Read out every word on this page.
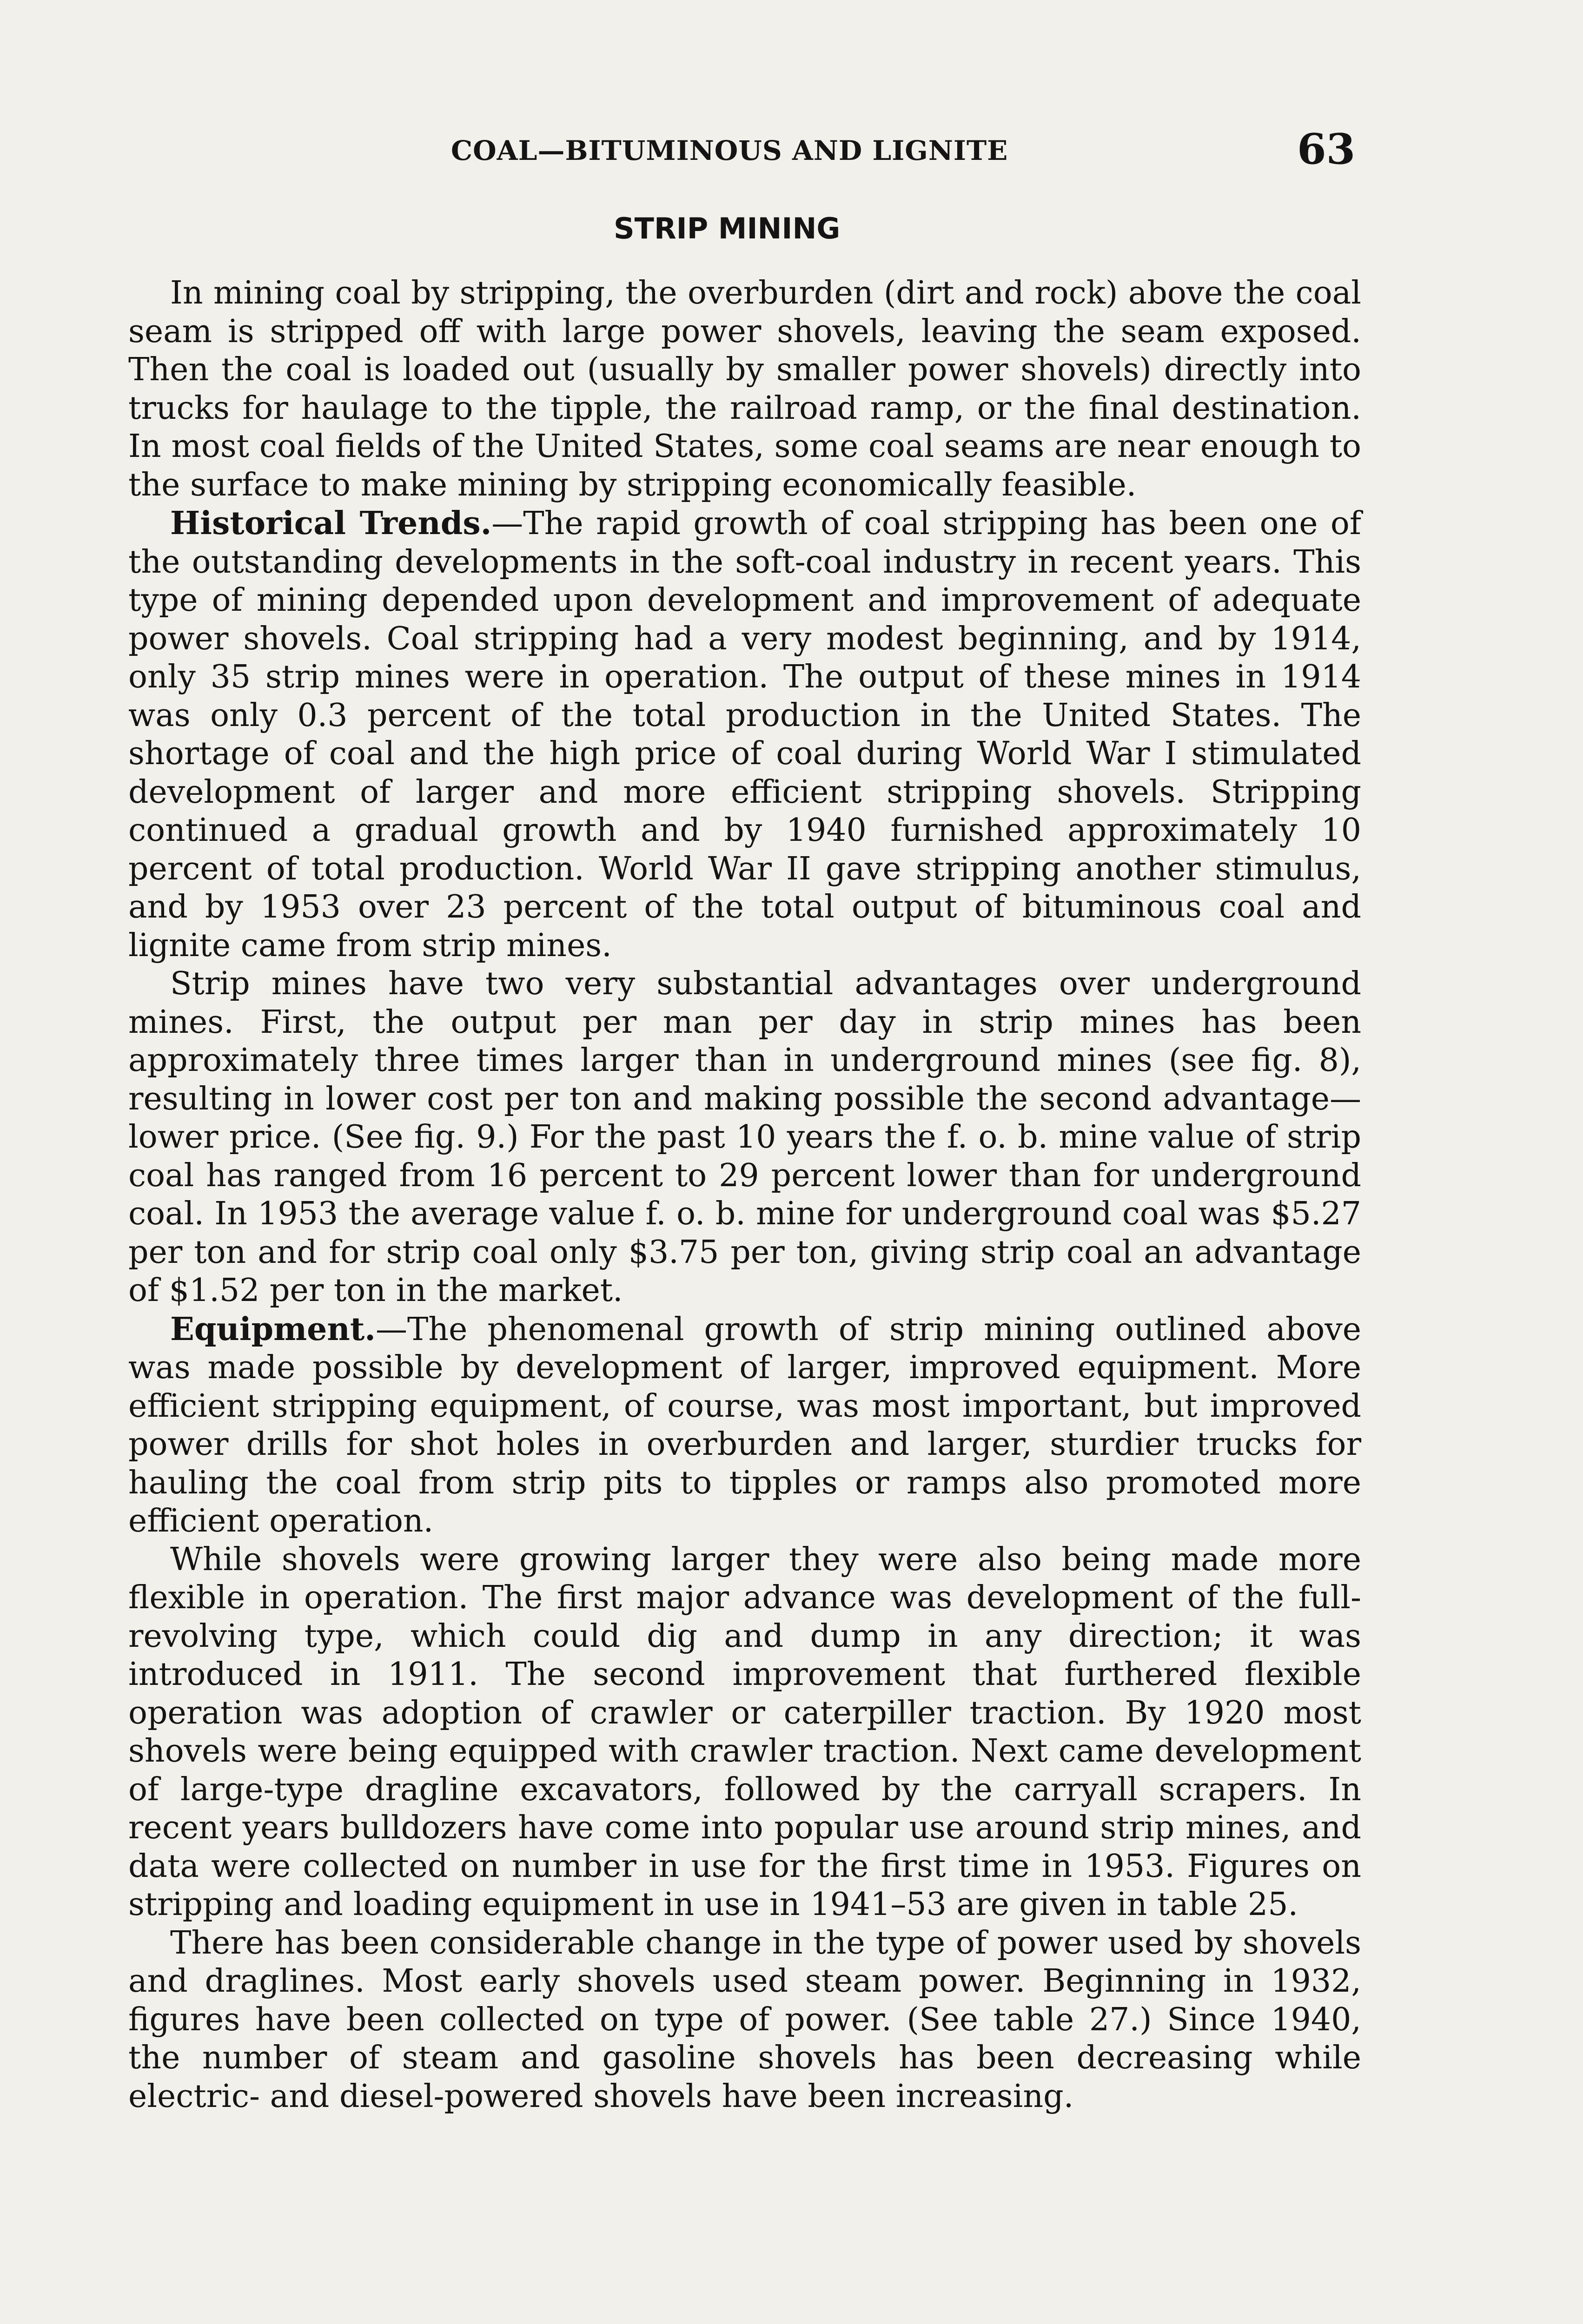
COAL—BITUMINOUS AND LIGNITE	63
STRIP MINING

In mining coal by stripping, the overburden (dirt and rock) above the coal seam is stripped off with large power shovels, leaving the seam exposed. Then the coal is loaded out (usually by smaller power shovels) directly into trucks for haulage to the tipple, the railroad ramp, or the final destination. In most coal fields of the United States, some coal seams are near enough to the surface to make mining by stripping economically feasible.

Historical Trends.—The rapid growth of coal stripping has been one of the outstanding developments in the soft-coal industry in recent years. This type of mining depended upon development and improvement of adequate power shovels. Coal stripping had a very modest beginning, and by 1914, only 35 strip mines were in operation. The output of these mines in 1914 was only 0.3 percent of the total production in the United States. The shortage of coal and the high price of coal during World War I stimulated development of larger and more efficient stripping shovels. Stripping continued a gradual growth and by 1940 furnished approximately 10 percent of total production. World War II gave stripping another stimulus, and by 1953 over 23 percent of the total output of bituminous coal and lignite came from strip mines.

Strip mines have two very substantial advantages over underground mines. First, the output per man per day in strip mines has been approximately three times larger than in underground mines (see fig. 8), resulting in lower cost per ton and making possible the second advantage—lower price. (See fig. 9.) For the past 10 years the f. o. b. mine value of strip coal has ranged from 16 percent to 29 percent lower than for underground coal. In 1953 the average value f. o. b. mine for underground coal was $5.27 per ton and for strip coal only $3.75 per ton, giving strip coal an advantage of $1.52 per ton in the market.

Equipment.—The phenomenal growth of strip mining outlined above was made possible by development of larger, improved equipment. More efficient stripping equipment, of course, was most important, but improved power drills for shot holes in overburden and larger, sturdier trucks for hauling the coal from strip pits to tipples or ramps also promoted more efficient operation.

While shovels were growing larger they were also being made more flexible in operation. The first major advance was development of the full-revolving type, which could dig and dump in any direction; it was introduced in 1911. The second improvement that furthered flexible operation was adoption of crawler or caterpiller traction. By 1920 most shovels were being equipped with crawler traction. Next came development of large-type dragline excavators, followed by the carryall scrapers. In recent years bulldozers have come into popular use around strip mines, and data were collected on number in use for the first time in 1953. Figures on stripping and loading equipment in use in 1941–53 are given in table 25.

There has been considerable change in the type of power used by shovels and draglines. Most early shovels used steam power. Beginning in 1932, figures have been collected on type of power. (See table 27.) Since 1940, the number of steam and gasoline shovels has been decreasing while electric- and diesel-powered shovels have been increasing.
